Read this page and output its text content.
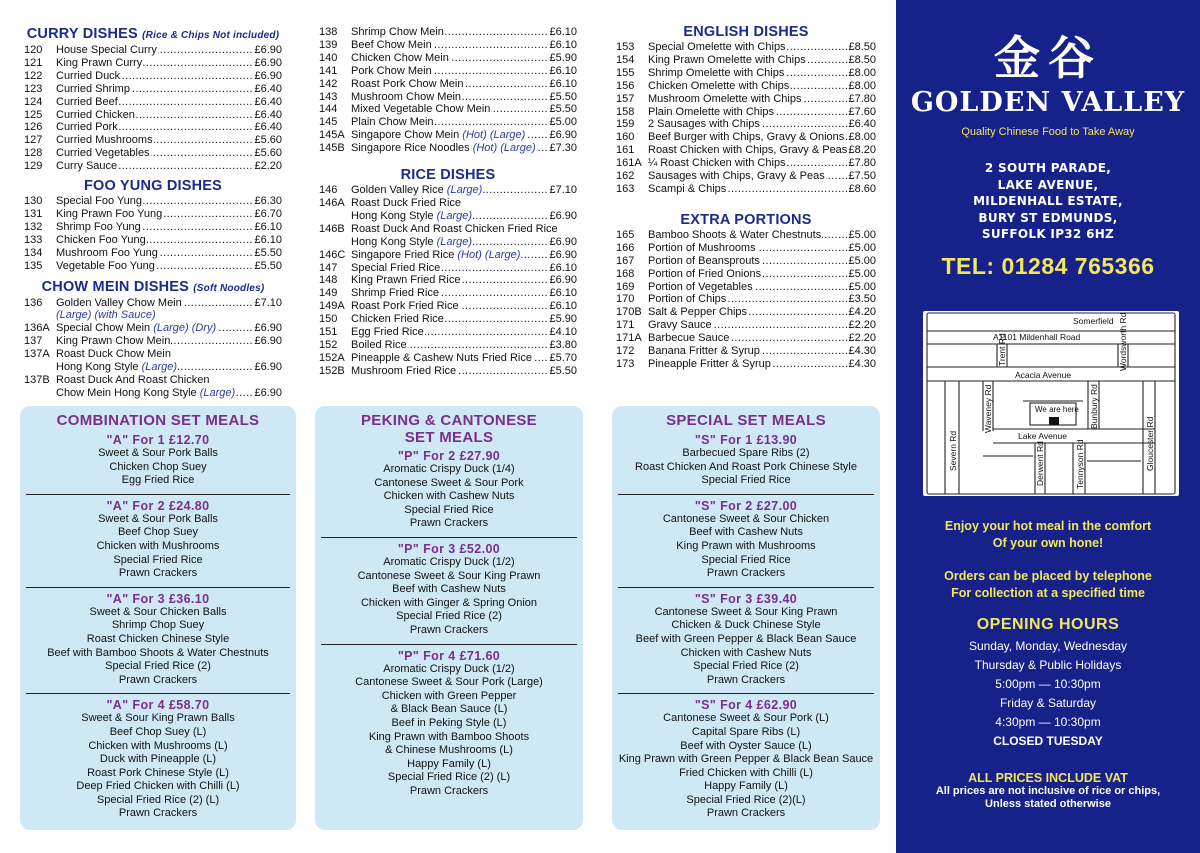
CURRY DISHES (Rice & Chips Not included)
120	House Special Curry .....	£6.90
121	King Prawn Curry .....	£6.90
122	Curried Duck .....	£6.90
123	Curried Shrimp .....	£6.40
124	Curried Beef .....	£6.40
125	Curried Chicken .....	£6.40
126	Curried Pork .....	£6.40
127	Curried Mushrooms .....	£5.60
128	Curried Vegetables .....	£5.60
129	Curry Sauce .....	£2.20
FOO YUNG DISHES
130	Special Foo Yung .....	£6.30
131	King Prawn Foo Yung .....	£6.70
132	Shrimp Foo Yung .....	£6.10
133	Chicken Foo Yung .....	£6.10
134	Mushroom Foo Yung .....	£5.50
135	Vegetable Foo Yung .....	£5.50
CHOW MEIN DISHES (Soft Noodles)
136	Golden Valley Chow Mein .....	£7.10
(Large) (with Sauce)
136A Special Chow Mein (Large) (Dry) .....	£6.90
137	King Prawn Chow Mein .....	£6.90
137A Roast Duck Chow Mein
Hong Kong Style (Large) .....	£6.90
137B Roast Duck And Roast Chicken
Chow Mein Hong Kong Style (Large) .....	£6.90
138	Shrimp Chow Mein .....	£6.10
139	Beef Chow Mein .....	£6.10
140	Chicken Chow Mein .....	£5.90
141	Pork Chow Mein .....	£6.10
142	Roast Pork Chow Mein .....	£6.10
143	Mushroom Chow Mein .....	£5.50
144	Mixed Vegetable Chow Mein .....	£5.50
145	Plain Chow Mein .....	£5.00
145A Singapore Chow Mein (Hot) (Large) .....	£6.90
145B Singapore Rice Noodles (Hot) (Large) .....	£7.30
RICE DISHES
146	Golden Valley Rice (Large) .....	£7.10
146A Roast Duck Fried Rice
Hong Kong Style (Large) .....	£6.90
146B Roast Duck And Roast Chicken Fried Rice
Hong Kong Style (Large) .....	£6.90
146C Singapore Fried Rice (Hot) (Large) .....	£6.90
147	Special Fried Rice .....	£6.10
148	King Prawn Fried Rice .....	£6.90
149	Shrimp Fried Rice .....	£6.10
149A Roast Pork Fried Rice .....	£6.10
150	Chicken Fried Rice .....	£5.90
151	Egg Fried Rice .....	£4.10
152	Boiled Rice .....	£3.80
152A Pineapple & Cashew Nuts Fried Rice .....	£5.70
152B Mushroom Fried Rice .....	£5.50
ENGLISH DISHES
153	Special Omelette with Chips .....	£8.50
154	King Prawn Omelette with Chips .....	£8.50
155	Shrimp Omelette with Chips .....	£8.00
156	Chicken Omelette with Chips .....	£8.00
157	Mushroom Omelette with Chips .....	£7.80
158	Plain Omelette with Chips .....	£7.60
159	2 Sausages with Chips .....	£6.40
160	Beef Burger with Chips, Gravy & Onions ..... £8.00
161	Roast Chicken with Chips, Gravy & Peas ..... £8.20
161A ¼ Roast Chicken with Chips .....	£7.80
162	Sausages with Chips, Gravy & Peas .....	£7.50
163	Scampi & Chips .....	£8.60
EXTRA PORTIONS
165	Bamboo Shoots & Water Chestnuts .....	£5.00
166	Portion of Mushrooms .....	£5.00
167	Portion of Beansprouts .....	£5.00
168	Portion of Fried Onions .....	£5.00
169	Portion of Vegetables .....	£5.00
170	Portion of Chips .....	£3.50
170B Salt & Pepper Chips .....	£4.20
171	Gravy Sauce .....	£2.20
171A Barbecue Sauce .....	£2.20
172	Banana Fritter & Syrup .....	£4.30
173	Pineapple Fritter & Syrup .....	£4.30
COMBINATION SET MEALS
"A" For 1 £12.70
Sweet & Sour Pork Balls
Chicken Chop Suey
Egg Fried Rice
"A" For 2 £24.80
Sweet & Sour Pork Balls
Beef Chop Suey
Chicken with Mushrooms
Special Fried Rice
Prawn Crackers
"A" For 3 £36.10
Sweet & Sour Chicken Balls
Shrimp Chop Suey
Roast Chicken Chinese Style
Beef with Bamboo Shoots & Water Chestnuts
Special Fried Rice (2)
Prawn Crackers
"A" For 4 £58.70
Sweet & Sour King Prawn Balls
Beef Chop Suey (L)
Chicken with Mushrooms (L)
Duck with Pineapple (L)
Roast Pork Chinese Style (L)
Deep Fried Chicken with Chilli (L)
Special Fried Rice (2) (L)
Prawn Crackers
PEKING & CANTONESE
SET MEALS
"P" For 2 £27.90
Aromatic Crispy Duck (1/4)
Cantonese Sweet & Sour Pork
Chicken with Cashew Nuts
Special Fried Rice
Prawn Crackers
"P" For 3 £52.00
Aromatic Crispy Duck (1/2)
Cantonese Sweet & Sour King Prawn
Beef with Cashew Nuts
Chicken with Ginger & Spring Onion
Special Fried Rice (2)
Prawn Crackers
"P" For 4 £71.60
Aromatic Crispy Duck (1/2)
Cantonese Sweet & Sour Pork (Large)
Chicken with Green Pepper
& Black Bean Sauce (L)
Beef in Peking Style (L)
King Prawn with Bamboo Shoots
& Chinese Mushrooms (L)
Happy Family (L)
Special Fried Rice (2) (L)
Prawn Crackers
SPECIAL SET MEALS
"S" For 1 £13.90
Barbecued Spare Ribs (2)
Roast Chicken And Roast Pork Chinese Style
Special Fried Rice
"S" For 2 £27.00
Cantonese Sweet & Sour Chicken
Beef with Cashew Nuts
King Prawn with Mushrooms
Special Fried Rice
Prawn Crackers
"S" For 3 £39.40
Cantonese Sweet & Sour King Prawn
Chicken & Duck Chinese Style
Beef with Green Pepper & Black Bean Sauce
Chicken with Cashew Nuts
Special Fried Rice (2)
Prawn Crackers
"S" For 4 £62.90
Cantonese Sweet & Sour Pork (L)
Capital Spare Ribs (L)
Beef with Oyster Sauce (L)
King Prawn with Green Pepper & Black Bean Sauce
Fried Chicken with Chilli (L)
Happy Family (L)
Special Fried Rice (2)(L)
Prawn Crackers
金谷
GOLDEN VALLEY
Quality Chinese Food to Take Away
2 SOUTH PARADE,
LAKE AVENUE,
MILDENHALL ESTATE,
BURY ST EDMUNDS,
SUFFOLK IP32 6HZ
TEL: 01284 765366
Somerfield
A1101 Mildenhall Road
Acacia Avenue
Lake Avenue
We are here
Trent Rd	Wordsworth Rd
Waveney Rd
Severn Rd
Bunbury Rd
Gloucester Rd
Derwent Rd	Tennyson Rd
Enjoy your hot meal in the comfort
Of your own hone!
Orders can be placed by telephone
For collection at a specified time
OPENING HOURS
Sunday, Monday, Wednesday
Thursday & Public Holidays
5:00pm — 10:30pm
Friday & Saturday
4:30pm — 10:30pm
CLOSED TUESDAY
ALL PRICES INCLUDE VAT
All prices are not inclusive of rice or chips,
Unless stated otherwise
